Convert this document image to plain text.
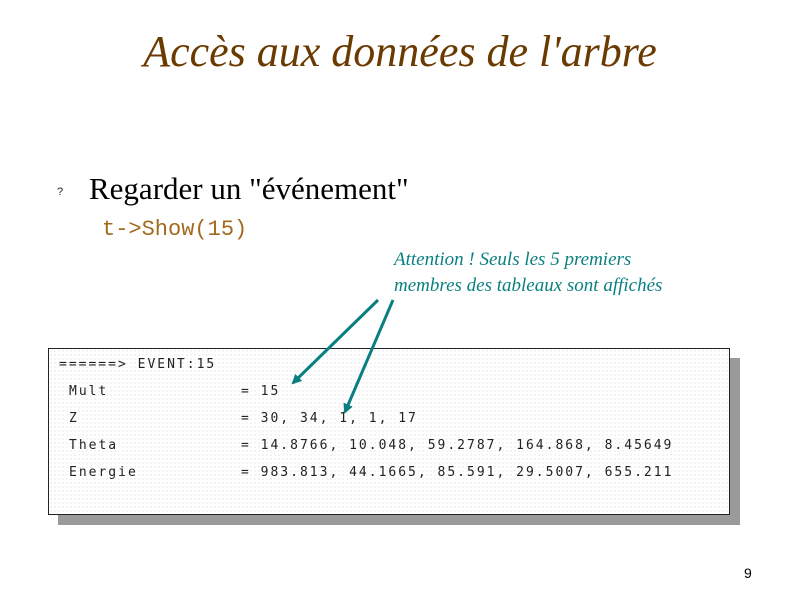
Accès aux données de l'arbre
? Regarder un "événement"
t->Show(15)
Attention ! Seuls les 5 premiers
membres des tableaux sont affichés
======> EVENT:15
Mult	= 15
Z	= 30, 34, 1, 1, 17
Theta	= 14.8766, 10.048, 59.2787, 164.868, 8.45649
Energie	= 983.813, 44.1665, 85.591, 29.5007, 655.211
9
